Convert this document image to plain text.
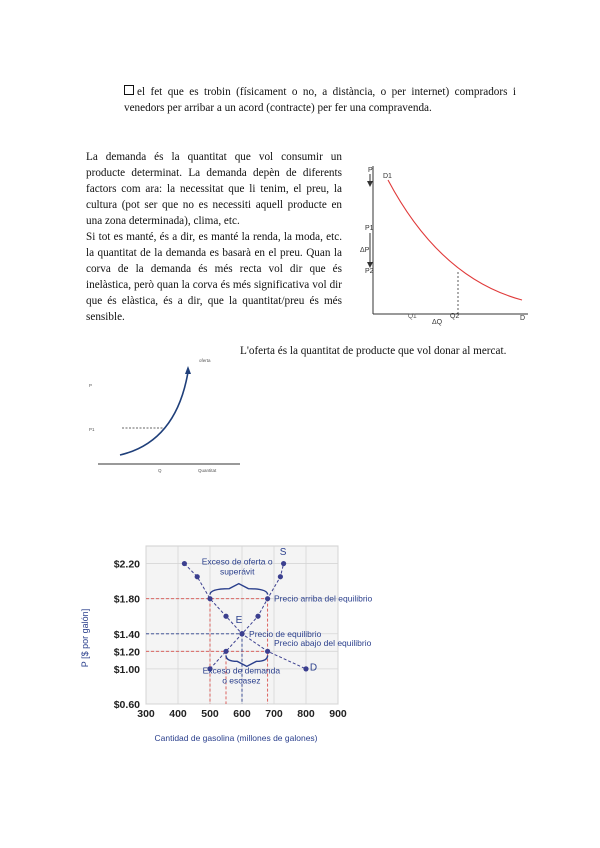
el fet que es trobin (físicament o no, a distància, o per internet) compradors i venedors per arribar a un acord (contracte) per fer una compravenda.

La demanda és la quantitat que vol consumir un producte determinat. La demanda depèn de diferents factors com ara: la necessitat que li tenim, el preu, la cultura (pot ser que no es necessiti aquell producte en una zona determinada), clima, etc.

Si tot es manté, és a dir, es manté la renda, la moda, etc. la quantitat de la demanda es basarà en el preu. Quan la corva de la demanda és més recta vol dir que és inelàstica, però quan la corva és més significativa vol dir que és elàstica, és a dir, que la quantitat/preu és més sensible.

P
D1
P1
ΔP
P2
Q1
ΔQ
Q2	D
L'oferta és la quantitat de producte que vol donar al mercat.
oferta
P
P1
Q	Quantitat
300 400 500 600 700 800 900
$0.60
$1.00
$1.20
$1.40
$1.80
$2.20	Exceso de oferta o
superávit
Exceso de demanda
o escasez
Precio arriba del equilibrio
Precio de equilibrio
Precio abajo del equilibrio
E
S
D
P [$ por galón]
Cantidad de gasolina (millones de galones)
